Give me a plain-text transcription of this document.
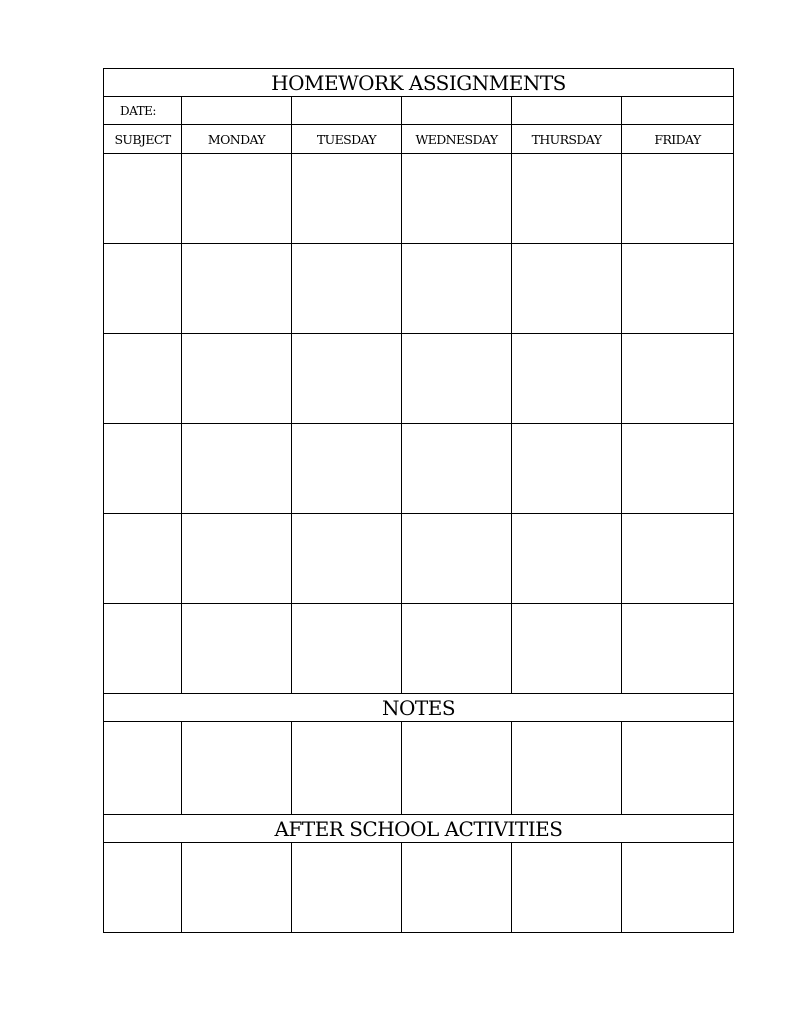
HOMEWORK ASSIGNMENTS					
DATE:					
SUBJECT	MONDAY	TUESDAY	WEDNESDAY	THURSDAY	FRIDAY

NOTES					

AFTER SCHOOL ACTIVITIES					
